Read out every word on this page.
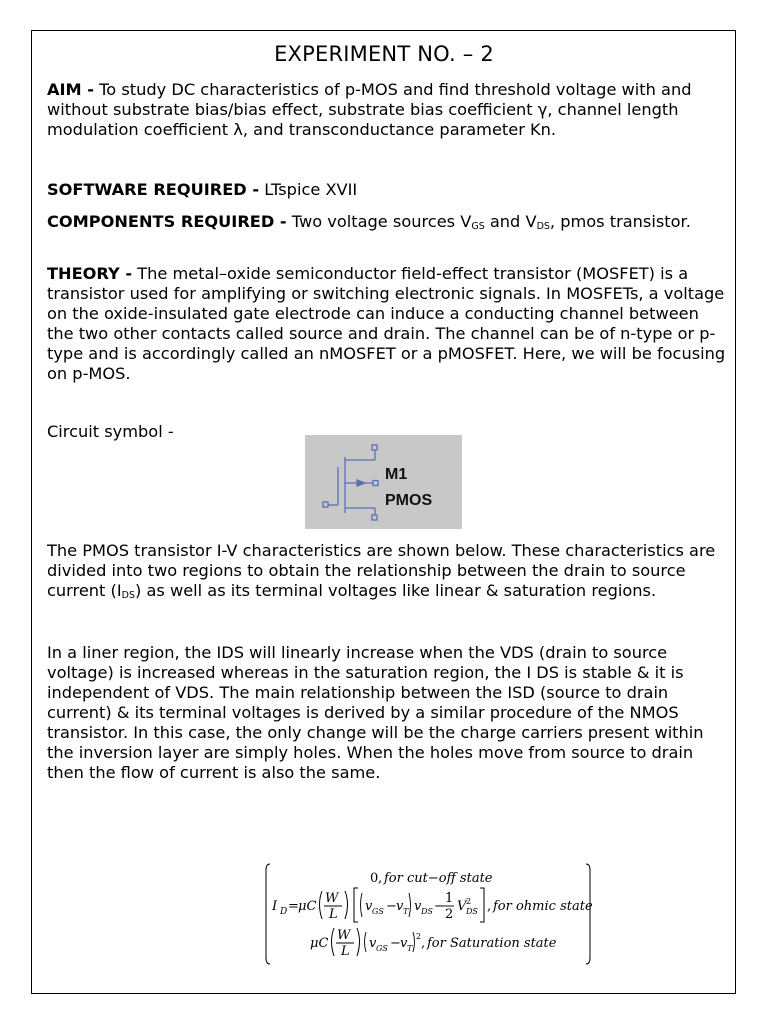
EXPERIMENT NO. – 2
AIM - To study DC characteristics of p-MOS and find threshold voltage with and without substrate bias/bias effect, substrate bias coefficient γ, channel length modulation coefficient λ, and transconductance parameter Kn.
SOFTWARE REQUIRED - LTspice XVII
COMPONENTS REQUIRED - Two voltage sources $V_{GS}$ and $V_{DS}$, pmos transistor.
THEORY - The metal–oxide semiconductor field-effect transistor (MOSFET) is a transistor used for amplifying or switching electronic signals. In MOSFETs, a voltage on the oxide-insulated gate electrode can induce a conducting channel between the two other contacts called source and drain. The channel can be of n-type or p-type and is accordingly called an nMOSFET or a pMOSFET. Here, we will be focusing on p-MOS.
Circuit symbol -
M1
PMOS
The PMOS transistor I-V characteristics are shown below. These characteristics are divided into two regions to obtain the relationship between the drain to source current $(I_{DS})$ as well as its terminal voltages like linear & saturation regions.
In a liner region, the IDS will linearly increase when the VDS (drain to source voltage) is increased whereas in the saturation region, the I DS is stable & it is independent of VDS. The main relationship between the ISD (source to drain current) & its terminal voltages is derived by a similar procedure of the NMOS transistor. In this case, the only change will be the charge carriers present within the inversion layer are simply holes. When the holes move from source to drain then the flow of current is also the same.
0 , for cut−off state
I D = μC
W
L
v GS − v T v DS −
1
2
V 2
DS , for ohmic state
μC
W
L
v GS − v T
2 , for Saturation state
